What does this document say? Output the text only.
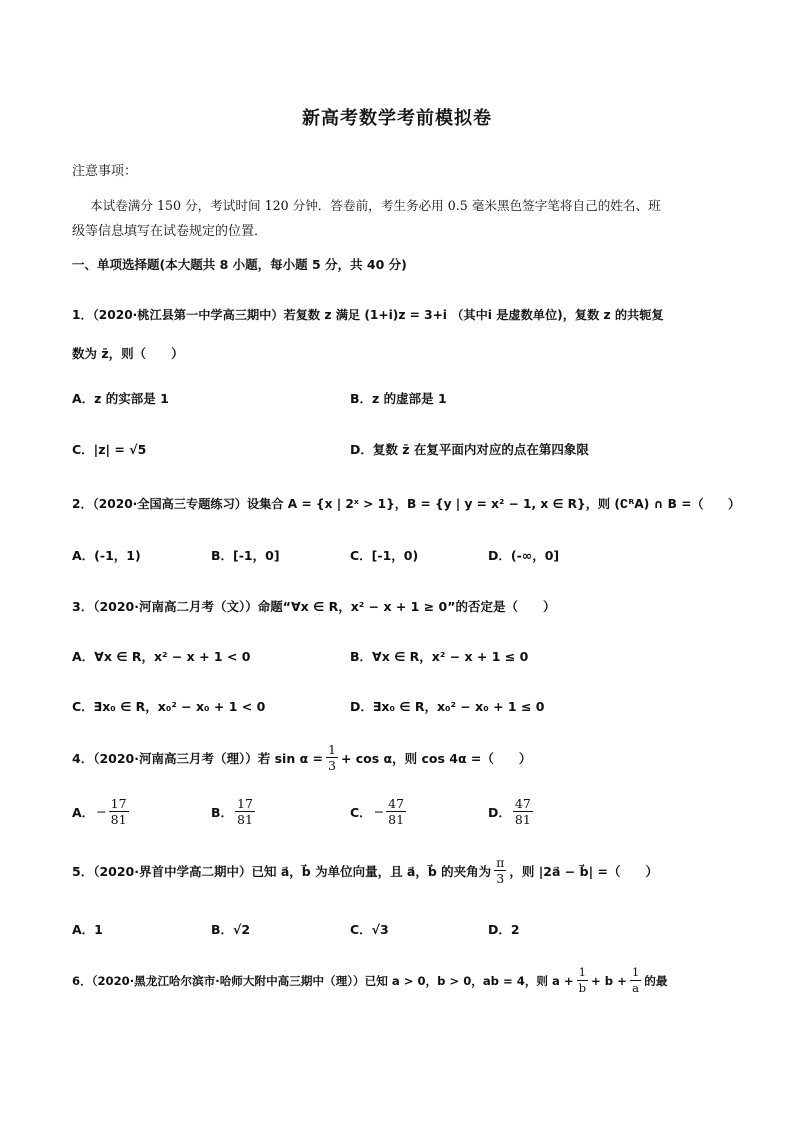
新高考数学考前模拟卷
注意事项：
本试卷满分 150 分，考试时间 120 分钟．答卷前，考生务必用 0.5 毫米黑色签字笔将自己的姓名、班
级等信息填写在试卷规定的位置．
一、单项选择题(本大题共 8 小题，每小题 5 分，共 40 分)
1．（2020·桃江县第一中学高三期中）若复数 z 满足 (1+i)z = 3+i （其中i 是虚数单位)，复数 z 的共轭复
数为 z̄，则（　　）
A．z 的实部是 1	B．z 的虚部是 1
C．|z| = √5	D．复数 z̄ 在复平面内对应的点在第四象限
2．（2020·全国高三专题练习）设集合 A = {x | 2ˣ > 1}，B = {y | y = x² − 1, x ∈ R}，则 (∁ᴿA) ∩ B =（　　）
A．(-1，1)	B．[-1，0]	C．[-1，0)	D．(-∞，0]
3．（2020·河南高二月考（文））命题“∀x ∈ R，x² − x + 1 ≥ 0”的否定是（　　）
A．∀x ∈ R，x² − x + 1 < 0	B．∀x ∈ R，x² − x + 1 ≤ 0
C．∃x₀ ∈ R，x₀² − x₀ + 1 < 0	D．∃x₀ ∈ R，x₀² − x₀ + 1 ≤ 0
4．（2020·河南高三月考（理））若 $\sin \alpha = \frac{1}{3} + \cos \alpha$，则 cos 4α =（　　）
A． − $\frac{17}{81}$	B． $\frac{17}{81}$	C． − $\frac{47}{81}$	D． $\frac{47}{81}$
5．（2020·界首中学高二期中）已知 a⃗，b⃗ 为单位向量，且 a⃗，b⃗ 的夹角为 $\frac{\pi}{3}$ ，则 |2a⃗ − b⃗| =（　　）
A．1	B．√2	C．√3	D．2
6．（2020·黑龙江哈尔滨市·哈师大附中高三期中（理））已知 a > 0，b > 0，ab = 4，则 $a + \frac{1}{b} + b + \frac{1}{a}$ 的最
